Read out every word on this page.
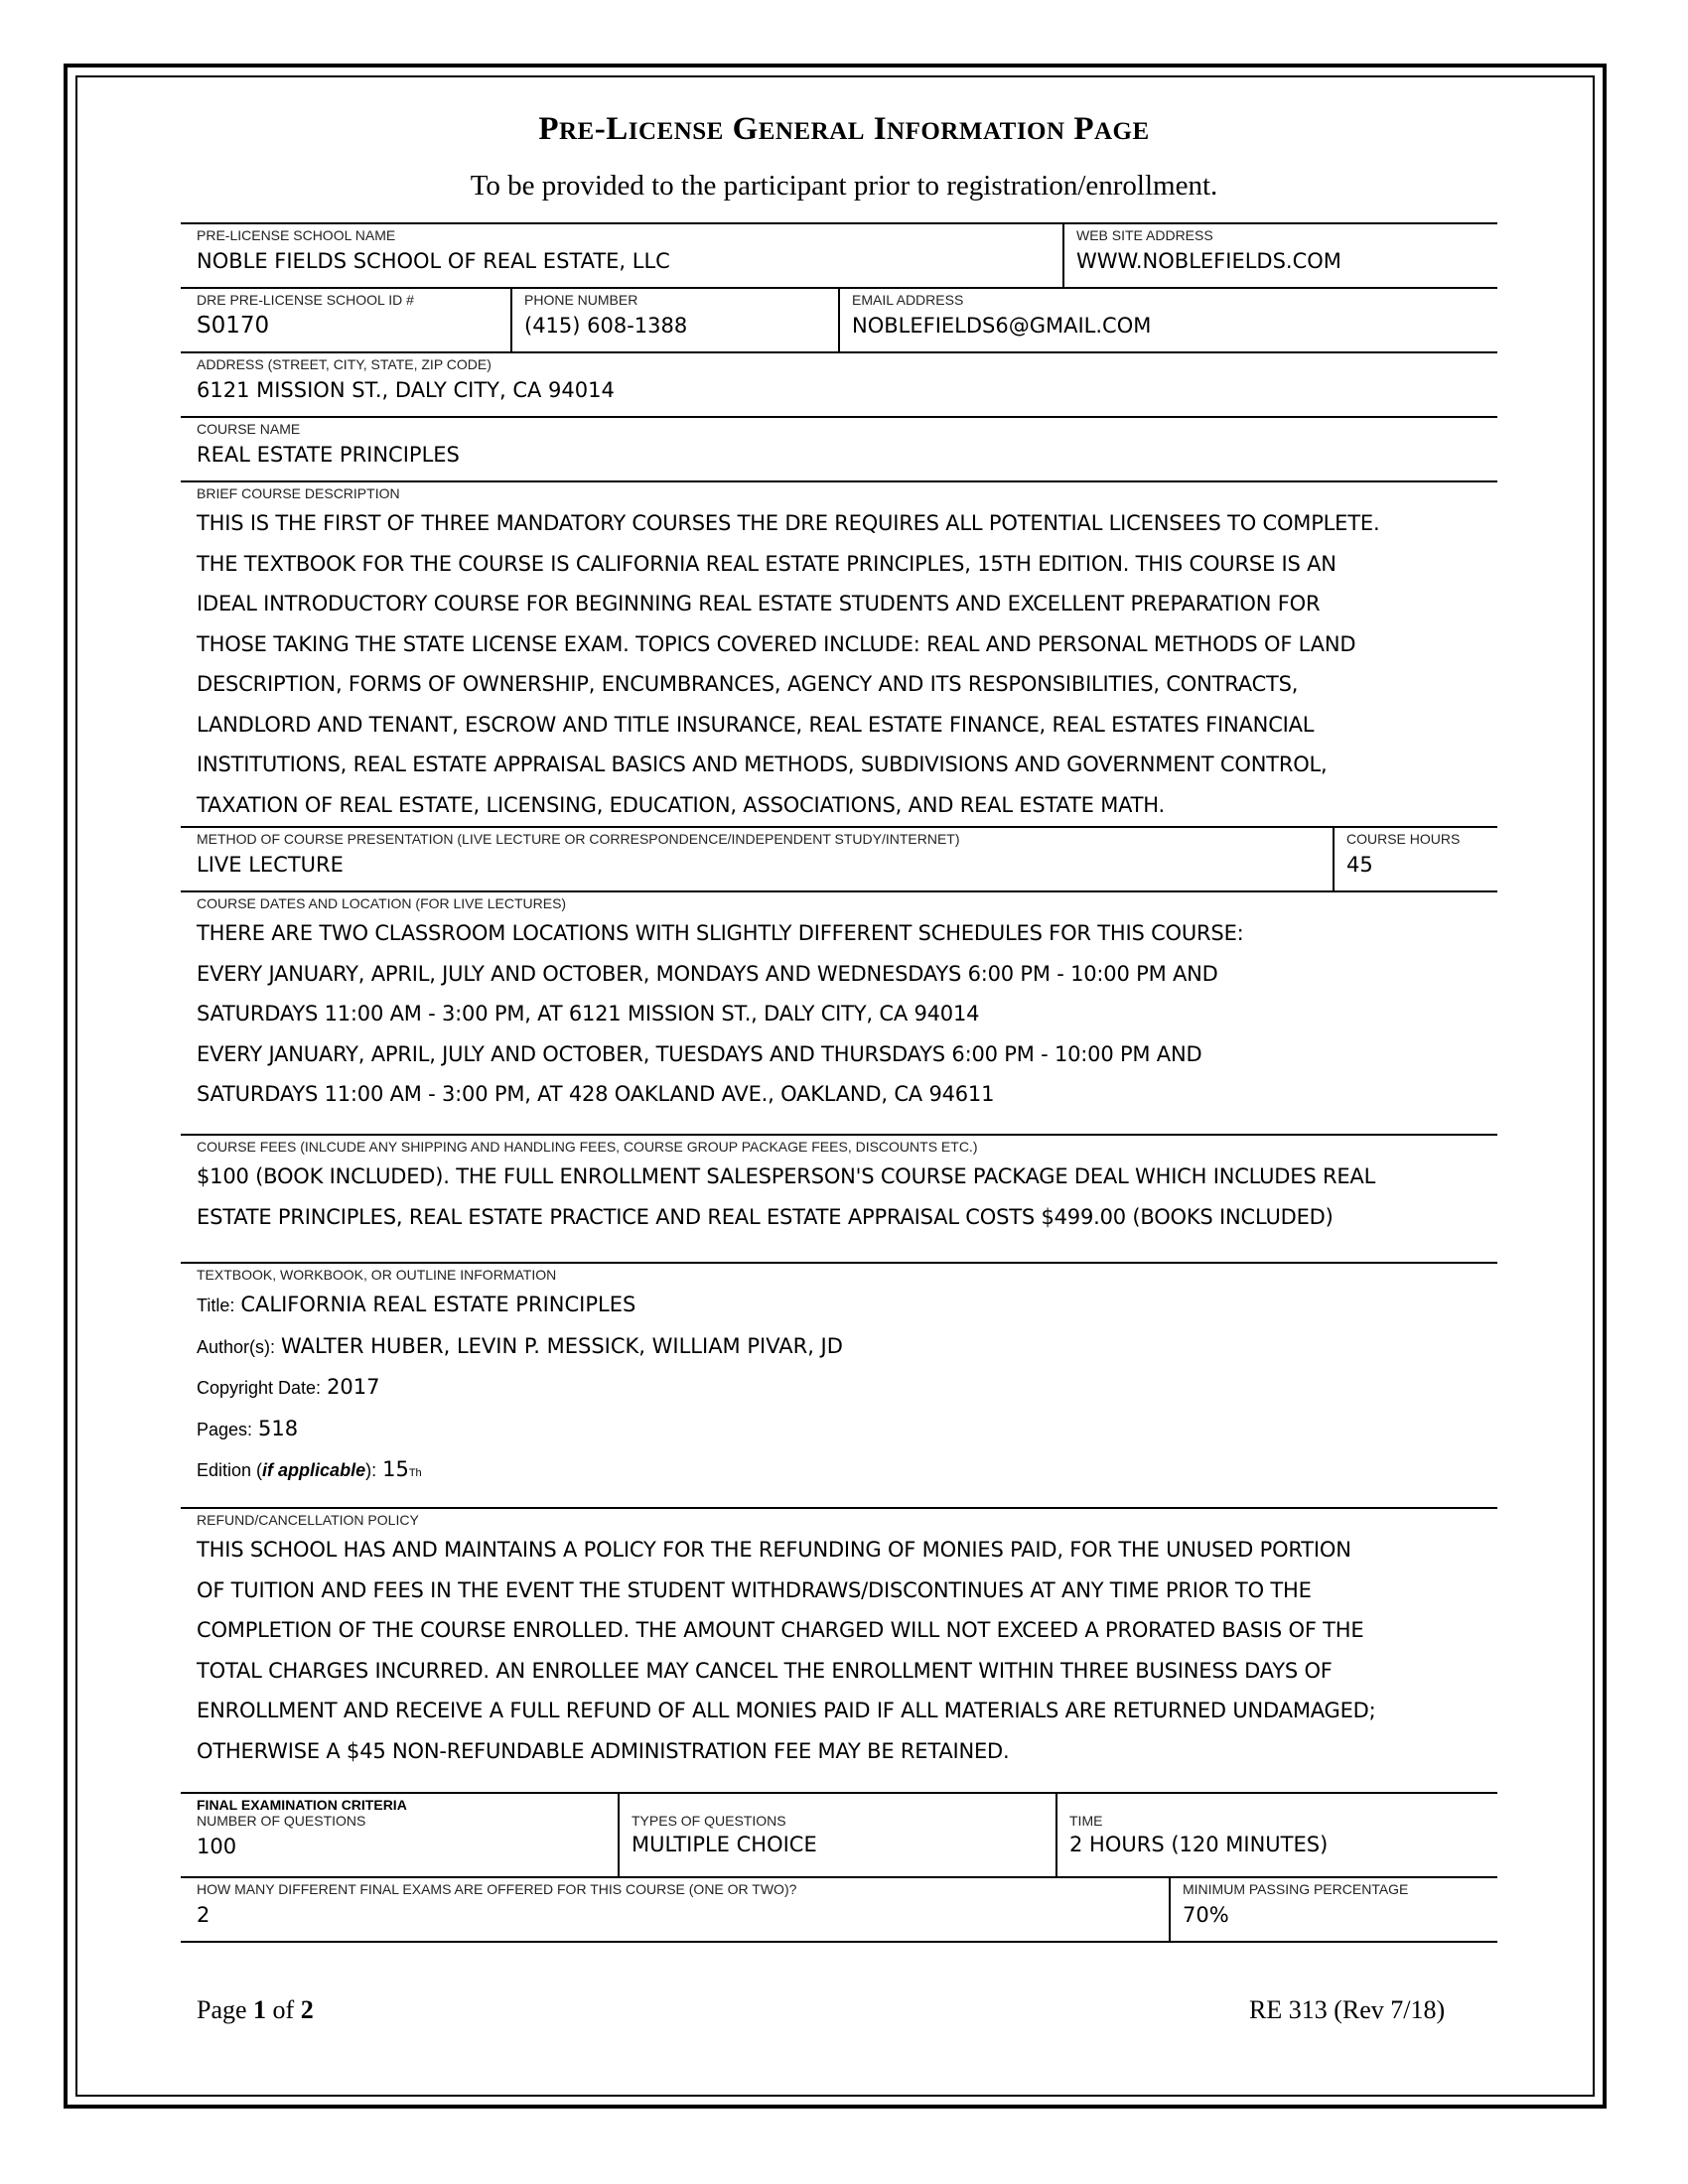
PRE-LICENSE GENERAL INFORMATION PAGE
To be provided to the participant prior to registration/enrollment.
PRE-LICENSE SCHOOL NAME
NOBLE FIELDS SCHOOL OF REAL ESTATE, LLC
WEB SITE ADDRESS
WWW.NOBLEFIELDS.COM
DRE PRE-LICENSE SCHOOL ID #
S0170
PHONE NUMBER
(415) 608-1388
EMAIL ADDRESS
NOBLEFIELDS6@GMAIL.COM
ADDRESS (STREET, CITY, STATE, ZIP CODE)
6121 MISSION ST., DALY CITY, CA 94014
COURSE NAME
REAL ESTATE PRINCIPLES
BRIEF COURSE DESCRIPTION
THIS IS THE FIRST OF THREE MANDATORY COURSES THE DRE REQUIRES ALL POTENTIAL LICENSEES TO COMPLETE.
THE TEXTBOOK FOR THE COURSE IS CALIFORNIA REAL ESTATE PRINCIPLES, 15TH EDITION. THIS COURSE IS AN
IDEAL INTRODUCTORY COURSE FOR BEGINNING REAL ESTATE STUDENTS AND EXCELLENT PREPARATION FOR
THOSE TAKING THE STATE LICENSE EXAM. TOPICS COVERED INCLUDE: REAL AND PERSONAL METHODS OF LAND
DESCRIPTION, FORMS OF OWNERSHIP, ENCUMBRANCES, AGENCY AND ITS RESPONSIBILITIES, CONTRACTS,
LANDLORD AND TENANT, ESCROW AND TITLE INSURANCE, REAL ESTATE FINANCE, REAL ESTATES FINANCIAL
INSTITUTIONS, REAL ESTATE APPRAISAL BASICS AND METHODS, SUBDIVISIONS AND GOVERNMENT CONTROL,
TAXATION OF REAL ESTATE, LICENSING, EDUCATION, ASSOCIATIONS, AND REAL ESTATE MATH.
METHOD OF COURSE PRESENTATION (LIVE LECTURE OR CORRESPONDENCE/INDEPENDENT STUDY/INTERNET)
LIVE LECTURE
COURSE HOURS
45
COURSE DATES AND LOCATION (FOR LIVE LECTURES)
THERE ARE TWO CLASSROOM LOCATIONS WITH SLIGHTLY DIFFERENT SCHEDULES FOR THIS COURSE:
EVERY JANUARY, APRIL, JULY AND OCTOBER, MONDAYS AND WEDNESDAYS 6:00 PM - 10:00 PM AND
SATURDAYS 11:00 AM - 3:00 PM, AT 6121 MISSION ST., DALY CITY, CA 94014
EVERY JANUARY, APRIL, JULY AND OCTOBER, TUESDAYS AND THURSDAYS 6:00 PM - 10:00 PM AND
SATURDAYS 11:00 AM - 3:00 PM, AT 428 OAKLAND AVE., OAKLAND, CA 94611
COURSE FEES (INLCUDE ANY SHIPPING AND HANDLING FEES, COURSE GROUP PACKAGE FEES, DISCOUNTS ETC.)
$100 (BOOK INCLUDED). THE FULL ENROLLMENT SALESPERSON'S COURSE PACKAGE DEAL WHICH INCLUDES REAL
ESTATE PRINCIPLES, REAL ESTATE PRACTICE AND REAL ESTATE APPRAISAL COSTS $499.00 (BOOKS INCLUDED)
TEXTBOOK, WORKBOOK, OR OUTLINE INFORMATION
Title: CALIFORNIA REAL ESTATE PRINCIPLES
Author(s): WALTER HUBER, LEVIN P. MESSICK, WILLIAM PIVAR, JD
Copyright Date: 2017
Pages: 518
Edition (if applicable): $15_{Th}$
REFUND/CANCELLATION POLICY
THIS SCHOOL HAS AND MAINTAINS A POLICY FOR THE REFUNDING OF MONIES PAID, FOR THE UNUSED PORTION
OF TUITION AND FEES IN THE EVENT THE STUDENT WITHDRAWS/DISCONTINUES AT ANY TIME PRIOR TO THE
COMPLETION OF THE COURSE ENROLLED. THE AMOUNT CHARGED WILL NOT EXCEED A PRORATED BASIS OF THE
TOTAL CHARGES INCURRED. AN ENROLLEE MAY CANCEL THE ENROLLMENT WITHIN THREE BUSINESS DAYS OF
ENROLLMENT AND RECEIVE A FULL REFUND OF ALL MONIES PAID IF ALL MATERIALS ARE RETURNED UNDAMAGED;
OTHERWISE A $45 NON-REFUNDABLE ADMINISTRATION FEE MAY BE RETAINED.
FINAL EXAMINATION CRITERIA
NUMBER OF QUESTIONS
100
TYPES OF QUESTIONS
MULTIPLE CHOICE
TIME
2 HOURS (120 MINUTES)
HOW MANY DIFFERENT FINAL EXAMS ARE OFFERED FOR THIS COURSE (ONE OR TWO)?
2
MINIMUM PASSING PERCENTAGE
70%
Page 1 of 2	RE 313 (Rev 7/18)
